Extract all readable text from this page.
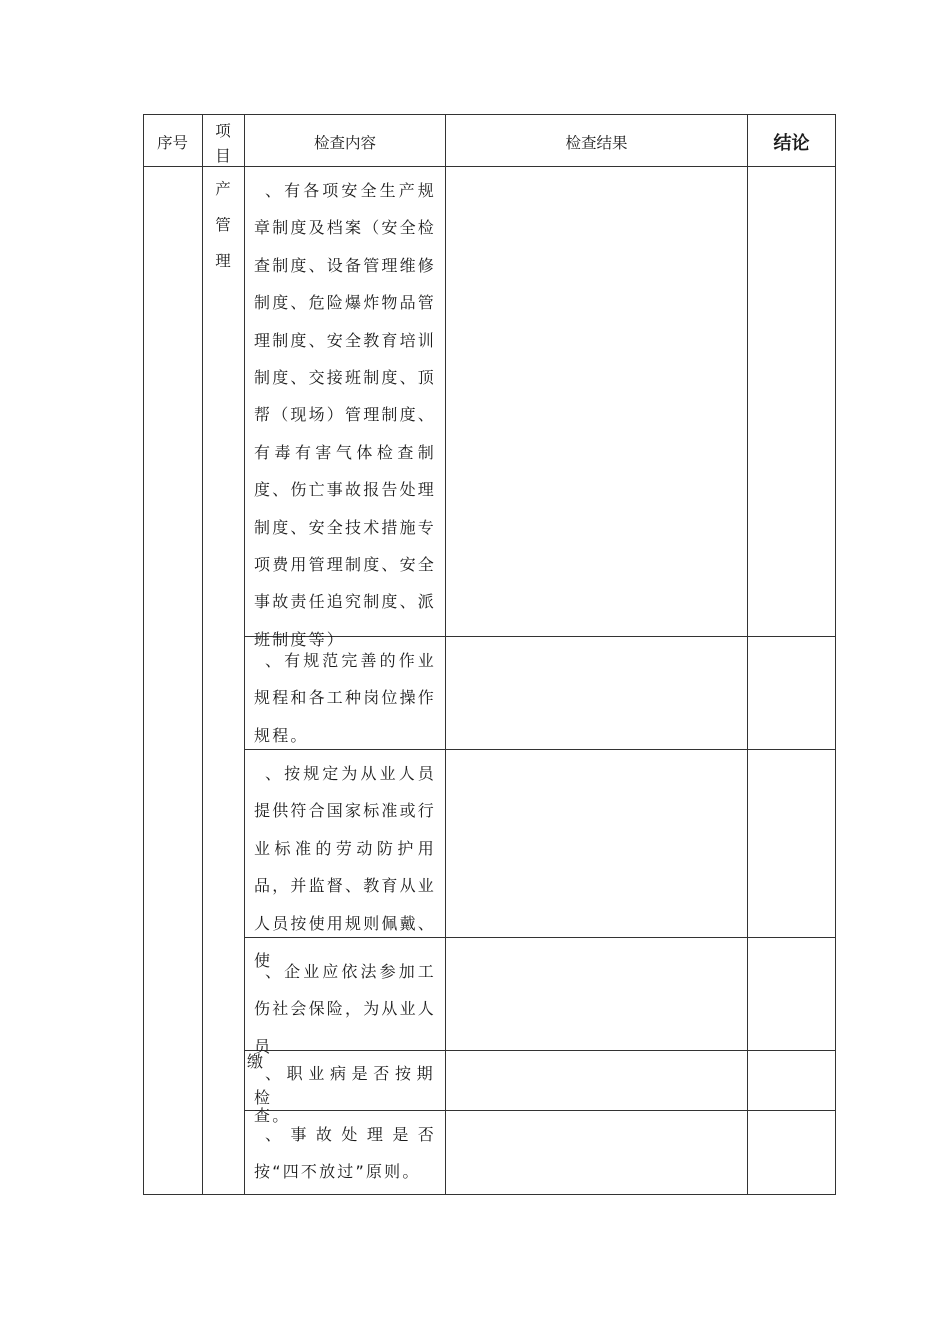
序号
项
目
检查内容	检查结果	结论
产
管
理
、有各项安全生产规章制度及档案（安全检查制度、设备管理维修制度、危险爆炸物品管理制度、安全教育培训制度、交接班制度、顶帮（现场）管理制度、有毒有害气体检查制度、伤亡事故报告处理制度、安全技术措施专项费用管理制度、安全事故责任追究制度、派班制度等）
、有规范完善的作业规程和各工种岗位操作规程。
、按规定为从业人员提供符合国家标准或行业标准的劳动防护用品，并监督、教育从业人员按使用规则佩戴、使
、企业应依法参加工伤社会保险，为从业人员
缴
、职业病是否按期检
查。
、事故处理是否按“四不放过”原则。
